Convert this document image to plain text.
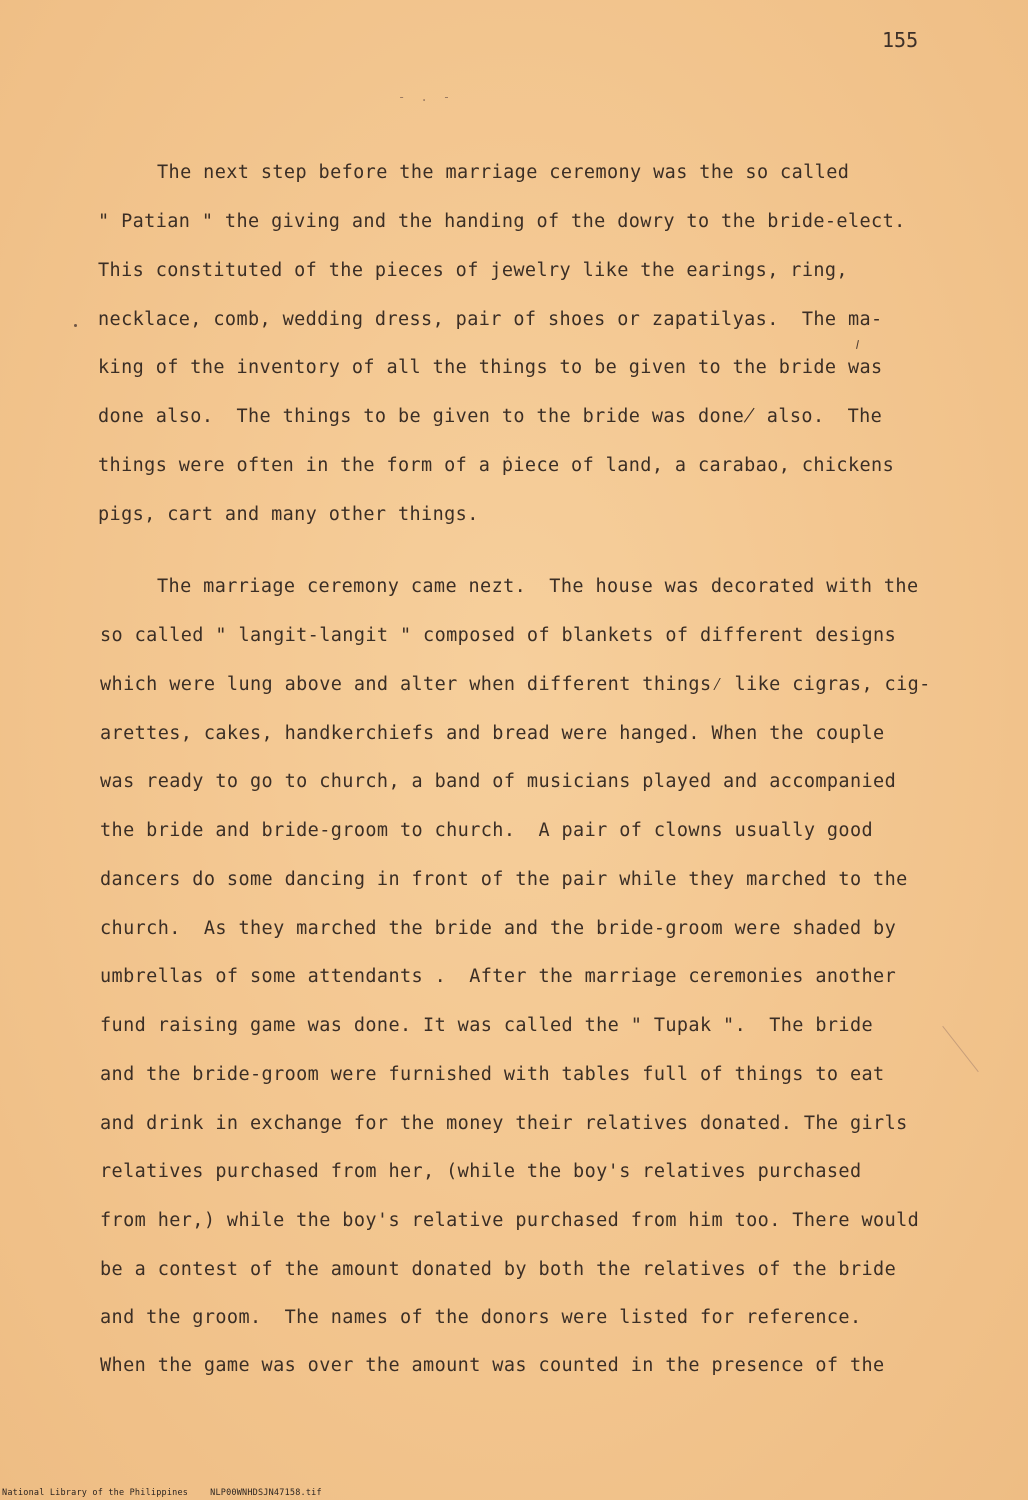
155
- . -
The next step before the marriage ceremony was the so called
" Patian " the giving and the handing of the dowry to the bride-elect.
This constituted of the pieces of jewelry like the earings, ring,
necklace, comb, wedding dress, pair of shoes or zapatilyas.  The ma-
king of the inventory of all the things to be given to the bride was
done also.  The things to be given to the bride was done̸ also.  The
things were often in the form of a ṗiece of land, a carabao, chickens
pigs, cart and many other things.
The marriage ceremony came nezt.  The house was decorated with the
so called " langit-langit " composed of blankets of different designs
which were lung above and alter when different things⁄ like cigras, cig-
arettes, cakes, handkerchiefs and bread were hanged. When the couple
was ready to go to church, a band of musicians played and accompanied
the bride and bride-groom to church.  A pair of clowns usually good
dancers do some dancing in front of the pair while they marched to the
church.  As they marched the bride and the bride-groom were shaded by
umbrellas of some attendants .  After the marriage ceremonies another
fund raising game was done. It was called the " Tupak ".  The bride
and the bride-groom were furnished with tables full of things to eat
and drink in exchange for the money their relatives donated. The girls
relatives purchased from her, (while the boy's relatives purchased
from her,) while the boy's relative purchased from him too. There would
be a contest of the amount donated by both the relatives of the bride
and the groom.  The names of the donors were listed for reference.
When the game was over the amount was counted in the presence of the
National Library of the Philippines	NLP00WNHDSJN47158.tif
